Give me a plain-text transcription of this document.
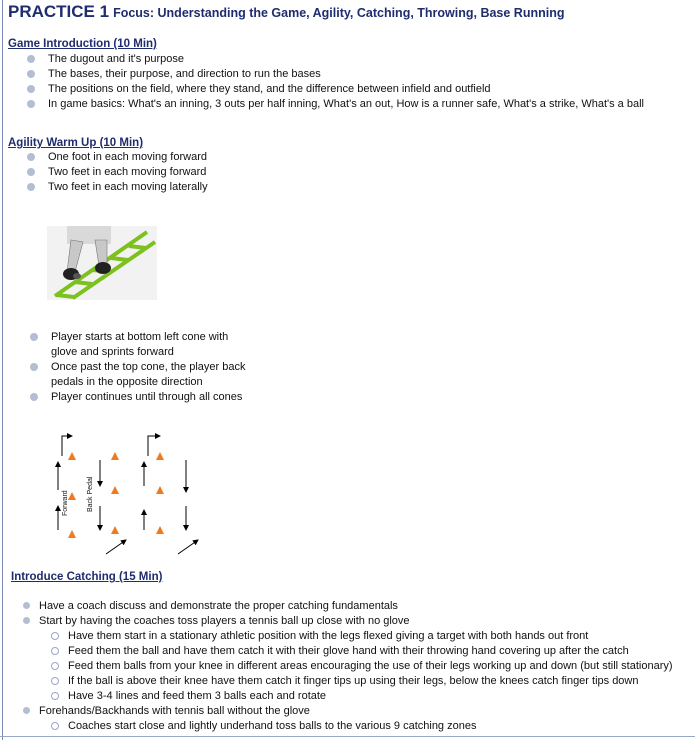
PRACTICE 1 Focus: Understanding the Game, Agility, Catching, Throwing, Base Running
Game Introduction (10 Min)
The dugout and it's purpose
The bases, their purpose, and direction to run the bases
The positions on the field, where they stand, and the difference between infield and outfield
In game basics: What's an inning, 3 outs per half inning, What's an out, How is a runner safe, What's a strike, What's a ball
Agility Warm Up (10 Min)
One foot in each moving forward
Two feet in each moving forward
Two feet in each moving laterally
Player starts at bottom left cone with
glove and sprints forward
Once past the top cone, the player back
pedals in the opposite direction
Player continues until through all cones
Forward	Back Pedal
Introduce Catching (15 Min)
Have a coach discuss and demonstrate the proper catching fundamentals
Start by having the coaches toss players a tennis ball up close with no glove
Have them start in a stationary athletic position with the legs flexed giving a target with both hands out front
Feed them the ball and have them catch it with their glove hand with their throwing hand covering up after the catch
Feed them balls from your knee in different areas encouraging the use of their legs working up and down (but still stationary)
If the ball is above their knee have them catch it finger tips up using their legs, below the knees catch finger tips down
Have 3-4 lines and feed them 3 balls each and rotate
Forehands/Backhands with tennis ball without the glove
Coaches start close and lightly underhand toss balls to the various 9 catching zones
